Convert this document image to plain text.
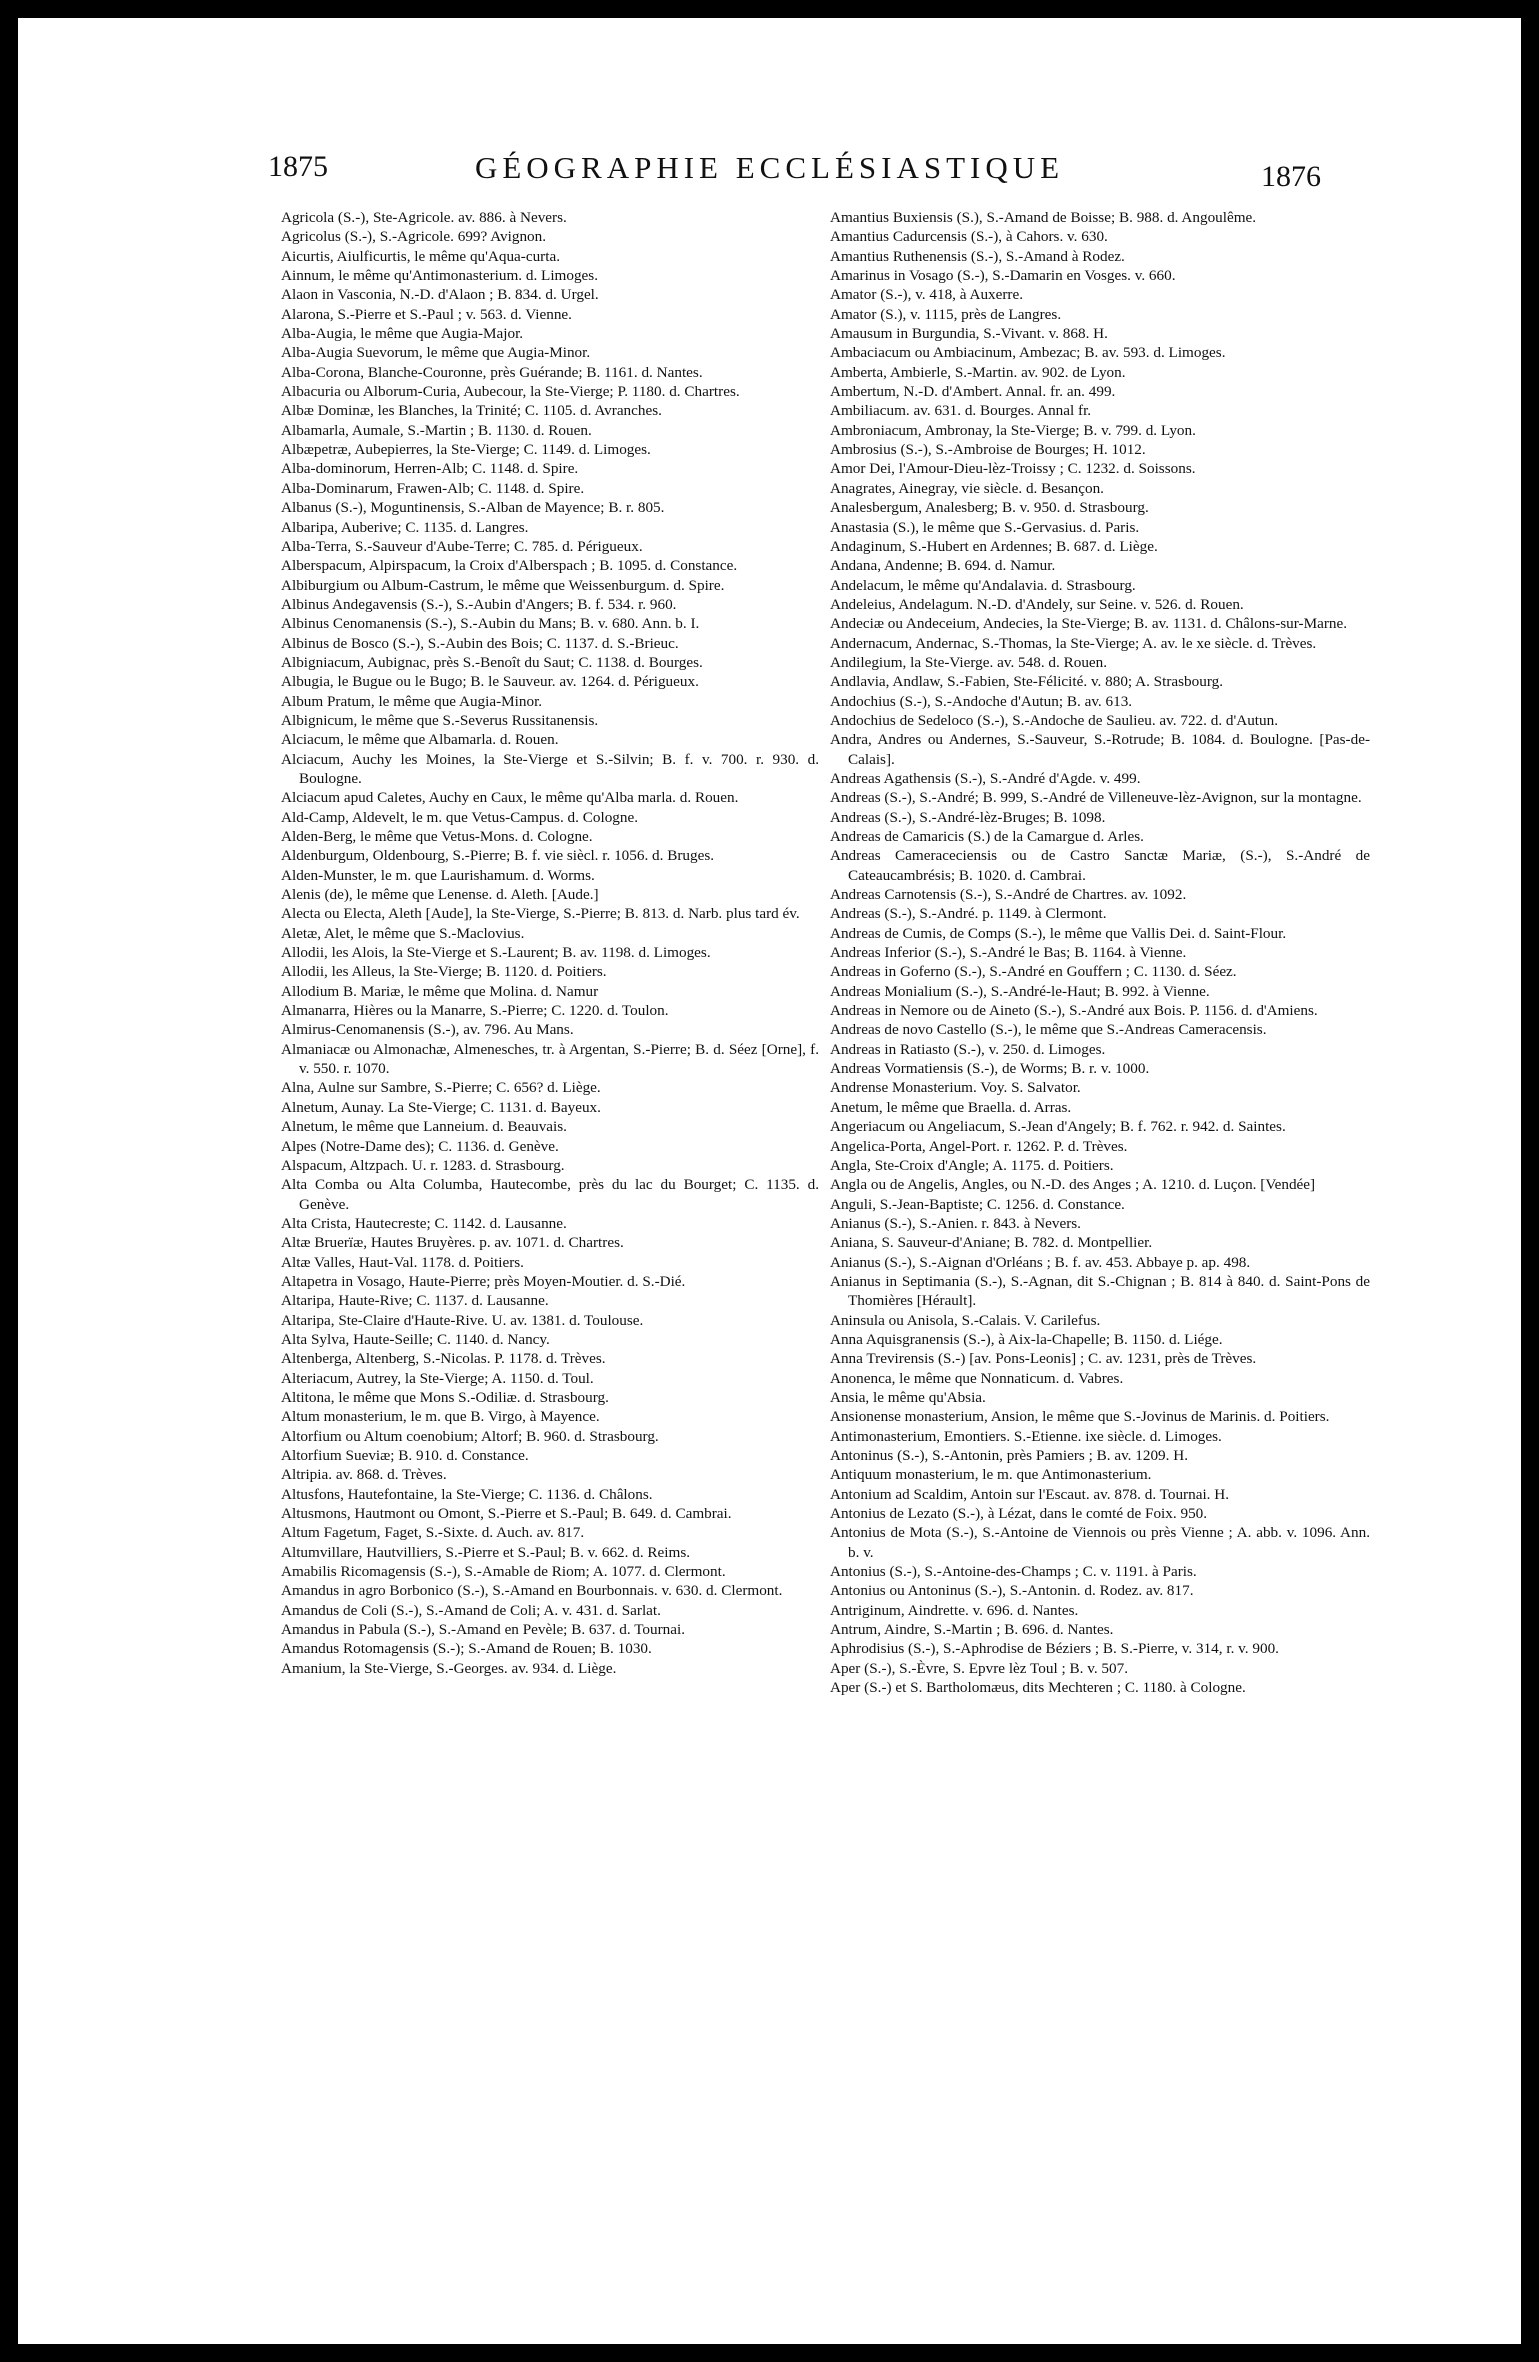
1875	GÉOGRAPHIE ECCLÉSIASTIQUE	1876

Agricola (S.-), Ste-Agricole. av. 886. à Nevers.

Agricolus (S.-), S.-Agricole. 699? Avignon.

Aicurtis, Aiulficurtis, le même qu'Aqua-curta.

Ainnum, le même qu'Antimonasterium. d. Limoges.

Alaon in Vasconia, N.-D. d'Alaon ; B. 834. d. Urgel.

Alarona, S.-Pierre et S.-Paul ; v. 563. d. Vienne.

Alba-Augia, le même que Augia-Major.

Alba-Augia Suevorum, le même que Augia-Minor.

Alba-Corona, Blanche-Couronne, près Guérande; B. 1161. d. Nantes.

Albacuria ou Alborum-Curia, Aubecour, la Ste-Vierge; P. 1180. d. Chartres.

Albæ Dominæ, les Blanches, la Trinité; C. 1105. d. Avranches.

Albamarla, Aumale, S.-Martin ; B. 1130. d. Rouen.

Albæpetræ, Aubepierres, la Ste-Vierge; C. 1149. d. Limoges.

Alba-dominorum, Herren-Alb; C. 1148. d. Spire.

Alba-Dominarum, Frawen-Alb; C. 1148. d. Spire.

Albanus (S.-), Moguntinensis, S.-Alban de Mayence; B. r. 805.

Albaripa, Auberive; C. 1135. d. Langres.

Alba-Terra, S.-Sauveur d'Aube-Terre; C. 785. d. Périgueux.

Alberspacum, Alpirspacum, la Croix d'Alberspach ; B. 1095. d. Constance.

Albiburgium ou Album-Castrum, le même que Weissenburgum. d. Spire.

Albinus Andegavensis (S.-), S.-Aubin d'Angers; B. f. 534. r. 960.

Albinus Cenomanensis (S.-), S.-Aubin du Mans; B. v. 680. Ann. b. I.

Albinus de Bosco (S.-), S.-Aubin des Bois; C. 1137. d. S.-Brieuc.

Albigniacum, Aubignac, près S.-Benoît du Saut; C. 1138. d. Bourges.

Albugia, le Bugue ou le Bugo; B. le Sauveur. av. 1264. d. Périgueux.

Album Pratum, le même que Augia-Minor.

Albignicum, le même que S.-Severus Russitanensis.

Alciacum, le même que Albamarla. d. Rouen.

Alciacum, Auchy les Moines, la Ste-Vierge et S.-Silvin; B. f. v. 700. r. 930. d. Boulogne.

Alciacum apud Caletes, Auchy en Caux, le même qu'Alba marla. d. Rouen.

Ald-Camp, Aldevelt, le m. que Vetus-Campus. d. Cologne.

Alden-Berg, le même que Vetus-Mons. d. Cologne.

Aldenburgum, Oldenbourg, S.-Pierre; B. f. vie siècl. r. 1056. d. Bruges.

Alden-Munster, le m. que Laurishamum. d. Worms.

Alenis (de), le même que Lenense. d. Aleth. [Aude.]

Alecta ou Electa, Aleth [Aude], la Ste-Vierge, S.-Pierre; B. 813. d. Narb. plus tard év.

Aletæ, Alet, le même que S.-Maclovius.

Allodii, les Alois, la Ste-Vierge et S.-Laurent; B. av. 1198. d. Limoges.

Allodii, les Alleus, la Ste-Vierge; B. 1120. d. Poitiers.

Allodium B. Mariæ, le même que Molina. d. Namur

Almanarra, Hières ou la Manarre, S.-Pierre; C. 1220. d. Toulon.

Almirus-Cenomanensis (S.-), av. 796. Au Mans.

Almaniacæ ou Almonachæ, Almenesches, tr. à Argentan, S.-Pierre; B. d. Séez [Orne], f. v. 550. r. 1070.

Alna, Aulne sur Sambre, S.-Pierre; C. 656? d. Liège.

Alnetum, Aunay. La Ste-Vierge; C. 1131. d. Bayeux.

Alnetum, le même que Lanneium. d. Beauvais.

Alpes (Notre-Dame des); C. 1136. d. Genève.

Alspacum, Altzpach. U. r. 1283. d. Strasbourg.

Alta Comba ou Alta Columba, Hautecombe, près du lac du Bourget; C. 1135. d. Genève.

Alta Crista, Hautecreste; C. 1142. d. Lausanne.

Altæ Bruerïæ, Hautes Bruyères. p. av. 1071. d. Chartres.

Altæ Valles, Haut-Val. 1178. d. Poitiers.

Altapetra in Vosago, Haute-Pierre; près Moyen-Moutier. d. S.-Dié.

Altaripa, Haute-Rive; C. 1137. d. Lausanne.

Altaripa, Ste-Claire d'Haute-Rive. U. av. 1381. d. Toulouse.

Alta Sylva, Haute-Seille; C. 1140. d. Nancy.

Altenberga, Altenberg, S.-Nicolas. P. 1178. d. Trèves.

Alteriacum, Autrey, la Ste-Vierge; A. 1150. d. Toul.

Altitona, le même que Mons S.-Odiliæ. d. Strasbourg.

Altum monasterium, le m. que B. Virgo, à Mayence.

Altorfium ou Altum coenobium; Altorf; B. 960. d. Strasbourg.

Altorfium Sueviæ; B. 910. d. Constance.

Altripia. av. 868. d. Trèves.

Altusfons, Hautefontaine, la Ste-Vierge; C. 1136. d. Châlons.

Altusmons, Hautmont ou Omont, S.-Pierre et S.-Paul; B. 649. d. Cambrai.

Altum Fagetum, Faget, S.-Sixte. d. Auch. av. 817.

Altumvillare, Hautvilliers, S.-Pierre et S.-Paul; B. v. 662. d. Reims.

Amabilis Ricomagensis (S.-), S.-Amable de Riom; A. 1077. d. Clermont.

Amandus in agro Borbonico (S.-), S.-Amand en Bourbonnais. v. 630. d. Clermont.

Amandus de Coli (S.-), S.-Amand de Coli; A. v. 431. d. Sarlat.

Amandus in Pabula (S.-), S.-Amand en Pevèle; B. 637. d. Tournai.

Amandus Rotomagensis (S.-); S.-Amand de Rouen; B. 1030.

Amanium, la Ste-Vierge, S.-Georges. av. 934. d. Liège.

Amantius Buxiensis (S.), S.-Amand de Boisse; B. 988. d. Angoulême.

Amantius Cadurcensis (S.-), à Cahors. v. 630.

Amantius Ruthenensis (S.-), S.-Amand à Rodez.

Amarinus in Vosago (S.-), S.-Damarin en Vosges. v. 660.

Amator (S.-), v. 418, à Auxerre.

Amator (S.), v. 1115, près de Langres.

Amausum in Burgundia, S.-Vivant. v. 868. H.

Ambaciacum ou Ambiacinum, Ambezac; B. av. 593. d. Limoges.

Amberta, Ambierle, S.-Martin. av. 902. de Lyon.

Ambertum, N.-D. d'Ambert. Annal. fr. an. 499.

Ambiliacum. av. 631. d. Bourges. Annal fr.

Ambroniacum, Ambronay, la Ste-Vierge; B. v. 799. d. Lyon.

Ambrosius (S.-), S.-Ambroise de Bourges; H. 1012.

Amor Dei, l'Amour-Dieu-lèz-Troissy ; C. 1232. d. Soissons.

Anagrates, Ainegray, vie siècle. d. Besançon.

Analesbergum, Analesberg; B. v. 950. d. Strasbourg.

Anastasia (S.), le même que S.-Gervasius. d. Paris.

Andaginum, S.-Hubert en Ardennes; B. 687. d. Liège.

Andana, Andenne; B. 694. d. Namur.

Andelacum, le même qu'Andalavia. d. Strasbourg.

Andeleius, Andelagum. N.-D. d'Andely, sur Seine. v. 526. d. Rouen.

Andeciæ ou Andeceium, Andecies, la Ste-Vierge; B. av. 1131. d. Châlons-sur-Marne.

Andernacum, Andernac, S.-Thomas, la Ste-Vierge; A. av. le xe siècle. d. Trèves.

Andilegium, la Ste-Vierge. av. 548. d. Rouen.

Andlavia, Andlaw, S.-Fabien, Ste-Félicité. v. 880; A. Strasbourg.

Andochius (S.-), S.-Andoche d'Autun; B. av. 613.

Andochius de Sedeloco (S.-), S.-Andoche de Saulieu. av. 722. d. d'Autun.

Andra, Andres ou Andernes, S.-Sauveur, S.-Rotrude; B. 1084. d. Boulogne. [Pas-de-Calais].

Andreas Agathensis (S.-), S.-André d'Agde. v. 499.

Andreas (S.-), S.-André; B. 999, S.-André de Villeneuve-lèz-Avignon, sur la montagne.

Andreas (S.-), S.-André-lèz-Bruges; B. 1098.

Andreas de Camaricis (S.) de la Camargue d. Arles.

Andreas Cameraceciensis ou de Castro Sanctæ Mariæ, (S.-), S.-André de Cateaucambrésis; B. 1020. d. Cambrai.

Andreas Carnotensis (S.-), S.-André de Chartres. av. 1092.

Andreas (S.-), S.-André. p. 1149. à Clermont.

Andreas de Cumis, de Comps (S.-), le même que Vallis Dei. d. Saint-Flour.

Andreas Inferior (S.-), S.-André le Bas; B. 1164. à Vienne.

Andreas in Goferno (S.-), S.-André en Gouffern ; C. 1130. d. Séez.

Andreas Monialium (S.-), S.-André-le-Haut; B. 992. à Vienne.

Andreas in Nemore ou de Aineto (S.-), S.-André aux Bois. P. 1156. d. d'Amiens.

Andreas de novo Castello (S.-), le même que S.-Andreas Cameracensis.

Andreas in Ratiasto (S.-), v. 250. d. Limoges.

Andreas Vormatiensis (S.-), de Worms; B. r. v. 1000.

Andrense Monasterium. Voy. S. Salvator.

Anetum, le même que Braella. d. Arras.

Angeriacum ou Angeliacum, S.-Jean d'Angely; B. f. 762. r. 942. d. Saintes.

Angelica-Porta, Angel-Port. r. 1262. P. d. Trèves.

Angla, Ste-Croix d'Angle; A. 1175. d. Poitiers.

Angla ou de Angelis, Angles, ou N.-D. des Anges ; A. 1210. d. Luçon. [Vendée]

Anguli, S.-Jean-Baptiste; C. 1256. d. Constance.

Anianus (S.-), S.-Anien. r. 843. à Nevers.

Aniana, S. Sauveur-d'Aniane; B. 782. d. Montpellier.

Anianus (S.-), S.-Aignan d'Orléans ; B. f. av. 453. Abbaye p. ap. 498.

Anianus in Septimania (S.-), S.-Agnan, dit S.-Chignan ; B. 814 à 840. d. Saint-Pons de Thomières [Hérault].

Aninsula ou Anisola, S.-Calais. V. Carilefus.

Anna Aquisgranensis (S.-), à Aix-la-Chapelle; B. 1150. d. Liége.

Anna Trevirensis (S.-) [av. Pons-Leonis] ; C. av. 1231, près de Trèves.

Anonenca, le même que Nonnaticum. d. Vabres.

Ansia, le même qu'Absia.

Ansionense monasterium, Ansion, le même que S.-Jovinus de Marinis. d. Poitiers.

Antimonasterium, Emontiers. S.-Etienne. ixe siècle. d. Limoges.

Antoninus (S.-), S.-Antonin, près Pamiers ; B. av. 1209. H.

Antiquum monasterium, le m. que Antimonasterium.

Antonium ad Scaldim, Antoin sur l'Escaut. av. 878. d. Tournai. H.

Antonius de Lezato (S.-), à Lézat, dans le comté de Foix. 950.

Antonius de Mota (S.-), S.-Antoine de Viennois ou près Vienne ; A. abb. v. 1096. Ann. b. v.

Antonius (S.-), S.-Antoine-des-Champs ; C. v. 1191. à Paris.

Antonius ou Antoninus (S.-), S.-Antonin. d. Rodez. av. 817.

Antriginum, Aindrette. v. 696. d. Nantes.

Antrum, Aindre, S.-Martin ; B. 696. d. Nantes.

Aphrodisius (S.-), S.-Aphrodise de Béziers ; B. S.-Pierre, v. 314, r. v. 900.

Aper (S.-), S.-Èvre, S. Epvre lèz Toul ; B. v. 507.

Aper (S.-) et S. Bartholomæus, dits Mechteren ; C. 1180. à Cologne.
